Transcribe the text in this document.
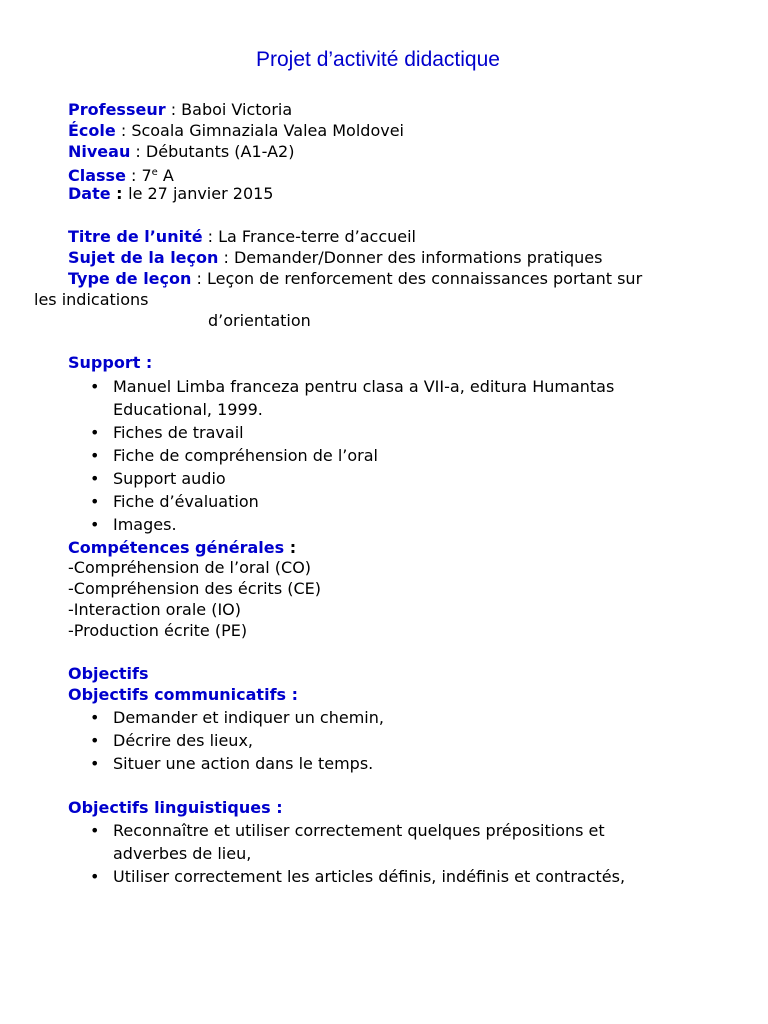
Projet d’activité didactique
Professeur : Baboi Victoria
École : Scoala Gimnaziala Valea Moldovei
Niveau : Débutants (A1-A2)
Classe : 7e A
Date : le 27 janvier 2015
Titre de l’unité : La France-terre d’accueil
Sujet de la leçon : Demander/Donner des informations pratiques
Type de leçon : Leçon de renforcement des connaissances portant sur
les indications
d’orientation
Support :
• Manuel Limba franceza pentru clasa a VII-a, editura Humantas
Educational, 1999.
• Fiches de travail
• Fiche de compréhension de l’oral
• Support audio
• Fiche d’évaluation
• Images.
Compétences générales :
-Compréhension de l’oral (CO)
-Compréhension des écrits (CE)
-Interaction orale (IO)
-Production écrite (PE)
Objectifs
Objectifs communicatifs :
• Demander et indiquer un chemin,
• Décrire des lieux,
• Situer une action dans le temps.
Objectifs linguistiques :
• Reconnaître et utiliser correctement quelques prépositions et
adverbes de lieu,
• Utiliser correctement les articles définis, indéfinis et contractés,
